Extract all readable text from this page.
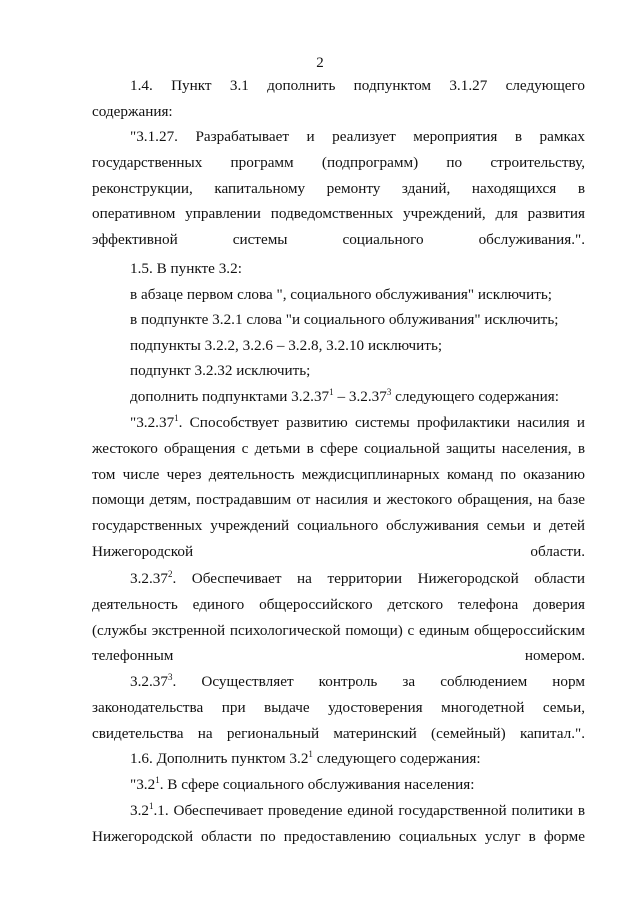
2
1.4. Пункт 3.1 дополнить подпунктом 3.1.27 следующего
содержания:
"3.1.27. Разрабатывает и реализует мероприятия в рамках
государственных программ (подпрограмм) по строительству,
реконструкции, капитальному ремонту зданий, находящихся в
оперативном управлении подведомственных учреждений, для развития
эффективной системы социального обслуживания.".
1.5. В пункте 3.2:
в абзаце первом слова ", социального обслуживания" исключить;
в подпункте 3.2.1 слова "и социального облуживания" исключить;
подпункты 3.2.2, 3.2.6 – 3.2.8, 3.2.10 исключить;
подпункт 3.2.32 исключить;
дополнить подпунктами 3.2.37$^1$ – 3.2.37$^3$ следующего содержания:
"3.2.37$^1$. Способствует развитию системы профилактики насилия и
жестокого обращения с детьми в сфере социальной защиты населения, в
том числе через деятельность междисциплинарных команд по оказанию
помощи детям, пострадавшим от насилия и жестокого обращения, на базе
государственных учреждений социального обслуживания семьи и детей
Нижегородской области.
3.2.37$^2$. Обеспечивает на территории Нижегородской области
деятельность единого общероссийского детского телефона доверия
(службы экстренной психологической помощи) с единым общероссийским
телефонным номером.
3.2.37$^3$. Осуществляет контроль за соблюдением норм
законодательства при выдаче удостоверения многодетной семьи,
свидетельства на региональный материнский (семейный) капитал.".
1.6. Дополнить пунктом $3.2^1$ следующего содержания:
"$3.2^1$. В сфере социального обслуживания населения:
$3.2^1.1$. Обеспечивает проведение единой государственной политики в
Нижегородской области по предоставлению социальных услуг в форме
